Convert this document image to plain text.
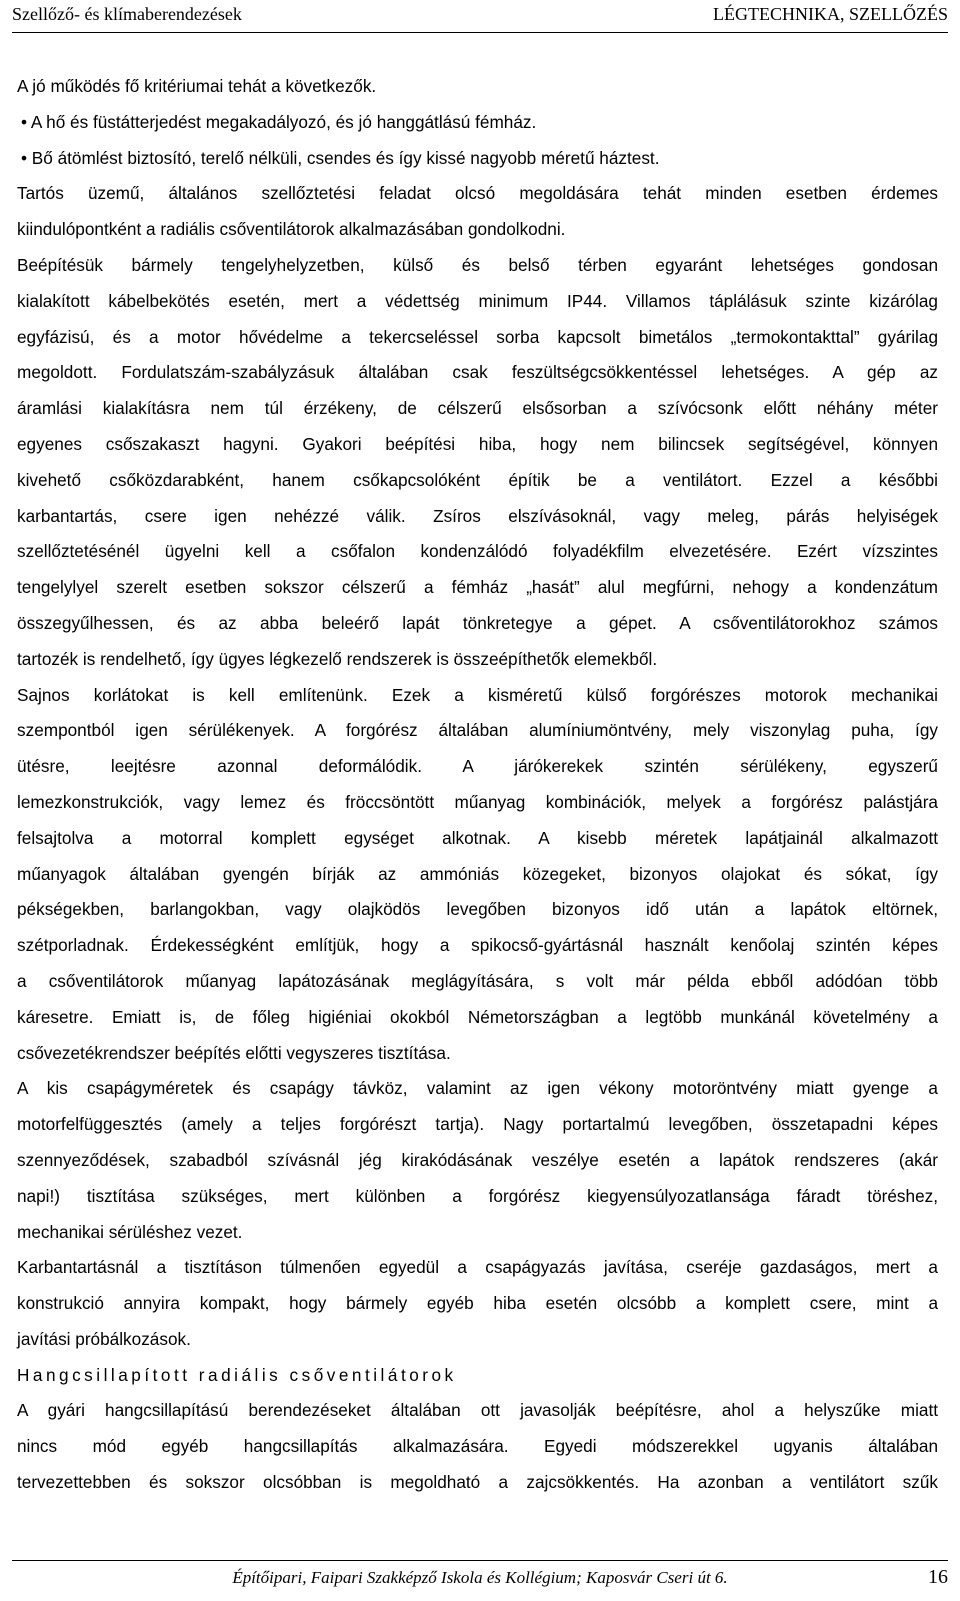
Szellőző- és klímaberendezések	LÉGTECHNIKA, SZELLŐZÉS

A jó működés fő kritériumai tehát a következők.

• A hő és füstátterjedést megakadályozó, és jó hanggátlású fémház.

• Bő átömlést biztosító, terelő nélküli, csendes és így kissé nagyobb méretű háztest.

Tartós üzemű, általános szellőztetési feladat olcsó megoldására tehát minden esetben érdemes

kiindulópontként a radiális csőventilátorok alkalmazásában gondolkodni.

Beépítésük bármely tengelyhelyzetben, külső és belső térben egyaránt lehetséges gondosan

kialakított kábelbekötés esetén, mert a védettség minimum IP44. Villamos táplálásuk szinte kizárólag

egyfázisú, és a motor hővédelme a tekercseléssel sorba kapcsolt bimetálos „termokontakttal” gyárilag

megoldott. Fordulatszám-szabályzásuk általában csak feszültségcsökkentéssel lehetséges. A gép az

áramlási kialakításra nem túl érzékeny, de célszerű elsősorban a szívócsonk előtt néhány méter

egyenes csőszakaszt hagyni. Gyakori beépítési hiba, hogy nem bilincsek segítségével, könnyen

kivehető csőközdarabként, hanem csőkapcsolóként építik be a ventilátort. Ezzel a későbbi

karbantartás, csere igen nehézzé válik. Zsíros elszívásoknál, vagy meleg, párás helyiségek

szellőztetésénél ügyelni kell a csőfalon kondenzálódó folyadékfilm elvezetésére. Ezért vízszintes

tengelylyel szerelt esetben sokszor célszerű a fémház „hasát” alul megfúrni, nehogy a kondenzátum

összegyűlhessen, és az abba beleérő lapát tönkretegye a gépet. A csőventilátorokhoz számos

tartozék is rendelhető, így ügyes légkezelő rendszerek is összeépíthetők elemekből.

Sajnos korlátokat is kell említenünk. Ezek a kisméretű külső forgórészes motorok mechanikai

szempontból igen sérülékenyek. A forgórész általában alumíniumöntvény, mely viszonylag puha, így

ütésre, leejtésre azonnal deformálódik. A járókerekek szintén sérülékeny, egyszerű

lemezkonstrukciók, vagy lemez és fröccsöntött műanyag kombinációk, melyek a forgórész palástjára

felsajtolva a motorral komplett egységet alkotnak. A kisebb méretek lapátjainál alkalmazott

műanyagok általában gyengén bírják az ammóniás közegeket, bizonyos olajokat és sókat, így

pékségekben, barlangokban, vagy olajködös levegőben bizonyos idő után a lapátok eltörnek,

szétporladnak. Érdekességként említjük, hogy a spikocső-gyártásnál használt kenőolaj szintén képes

a csőventilátorok műanyag lapátozásának meglágyítására, s volt már példa ebből adódóan több

káresetre. Emiatt is, de főleg higiéniai okokból Németországban a legtöbb munkánál követelmény a

csővezetékrendszer beépítés előtti vegyszeres tisztítása.

A kis csapágyméretek és csapágy távköz, valamint az igen vékony motoröntvény miatt gyenge a

motorfelfüggesztés (amely a teljes forgórészt tartja). Nagy portartalmú levegőben, összetapadni képes

szennyeződések, szabadból szívásnál jég kirakódásának veszélye esetén a lapátok rendszeres (akár

napi!) tisztítása szükséges, mert különben a forgórész kiegyensúlyozatlansága fáradt töréshez,

mechanikai sérüléshez vezet.

Karbantartásnál a tisztításon túlmenően egyedül a csapágyazás javítása, cseréje gazdaságos, mert a

konstrukció annyira kompakt, hogy bármely egyéb hiba esetén olcsóbb a komplett csere, mint a

javítási próbálkozások.

Hangcsillapított radiális csőventilátorok

A gyári hangcsillapítású berendezéseket általában ott javasolják beépítésre, ahol a helyszűke miatt

nincs mód egyéb hangcsillapítás alkalmazására. Egyedi módszerekkel ugyanis általában

tervezettebben és sokszor olcsóbban is megoldható a zajcsökkentés. Ha azonban a ventilátort szűk

Építőipari, Faipari Szakképző Iskola és Kollégium; Kaposvár Cseri út 6.	16
